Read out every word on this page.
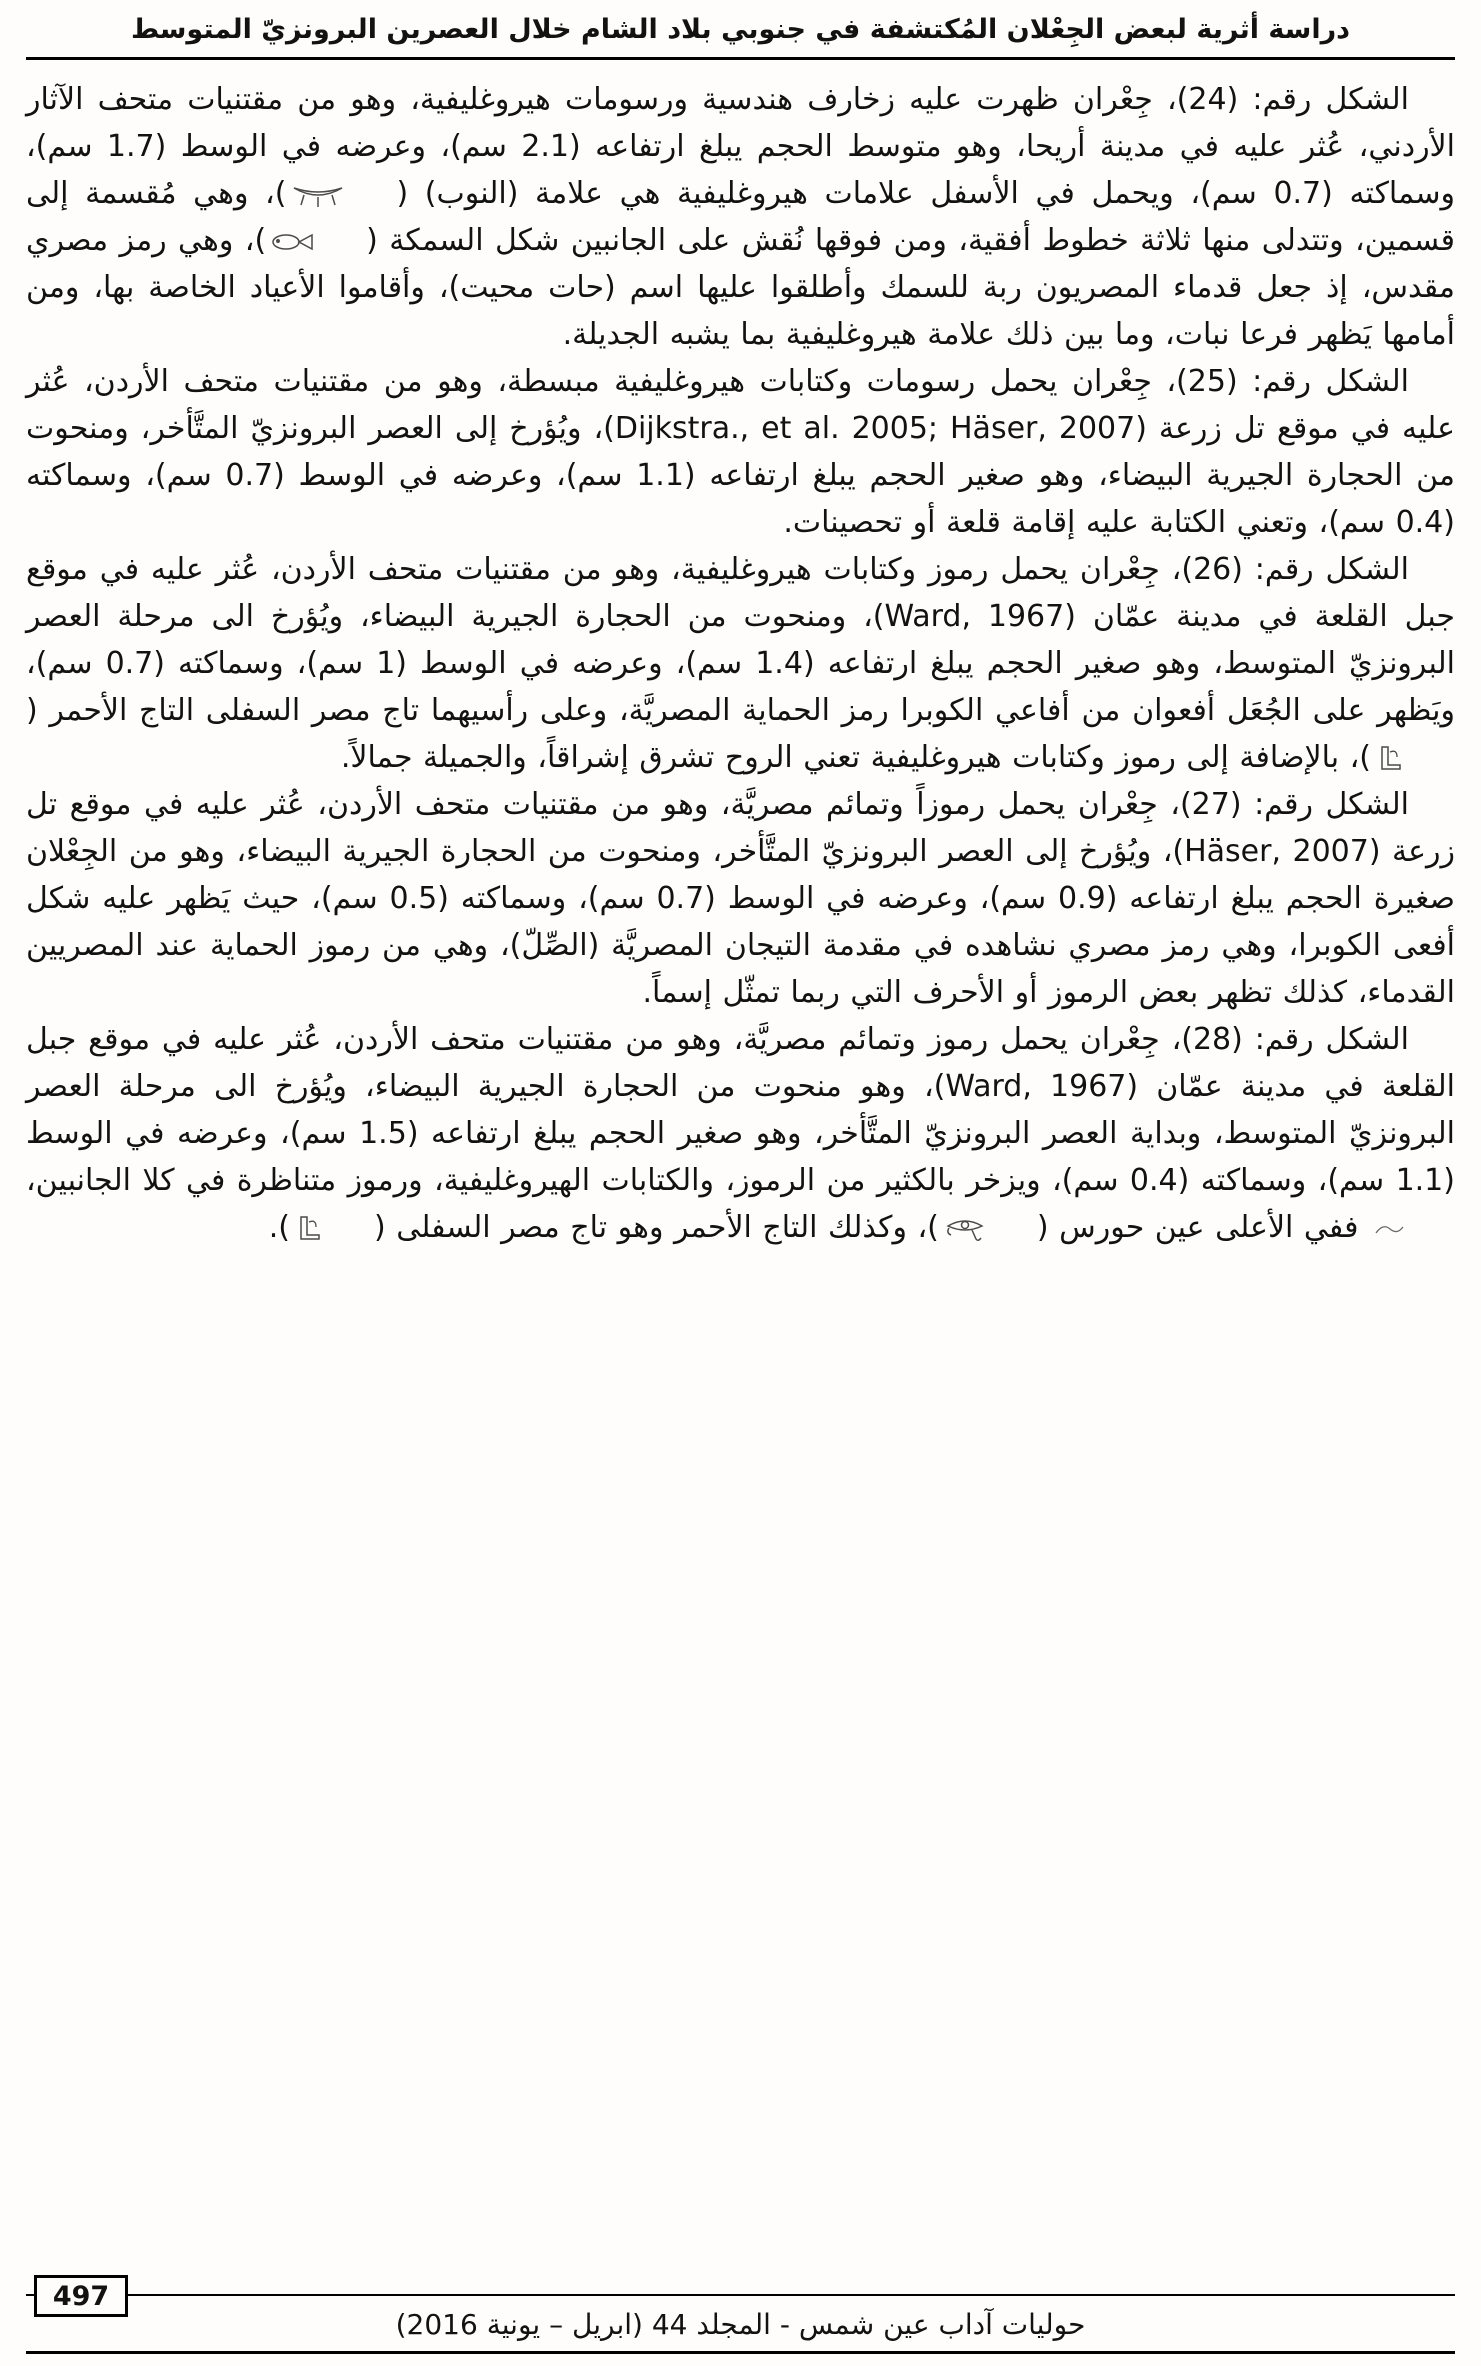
دراسة أثرية لبعض الجِعْلان المُكتشفة في جنوبي بلاد الشام خلال العصرين البرونزيّ المتوسط

الشكل رقم: (24)، جِعْران ظهرت عليه زخارف هندسية ورسومات هيروغليفية، وهو من مقتنيات متحف الآثار الأردني، عُثر عليه في مدينة أريحا، وهو متوسط الحجم يبلغ ارتفاعه (2.1 سم)، وعرضه في الوسط (1.7 سم)، وسماكته (0.7 سم)، ويحمل في الأسفل علامات هيروغليفية هي علامة (النوب) ()، وهي مُقسمة إلى قسمين، وتتدلى منها ثلاثة خطوط أفقية، ومن فوقها نُقش على الجانبين شكل السمكة ()، وهي رمز مصري مقدس، إذ جعل قدماء المصريون ربة للسمك وأطلقوا عليها اسم (حات محيت)، وأقاموا الأعياد الخاصة بها، ومن أمامها يَظهر فرعا نبات، وما بين ذلك علامة هيروغليفية بما يشبه الجديلة.

الشكل رقم: (25)، جِعْران يحمل رسومات وكتابات هيروغليفية مبسطة، وهو من مقتنيات متحف الأردن، عُثر عليه في موقع تل زرعة (Dijkstra., et al. 2005; Häser, 2007)، ويُؤرخ إلى العصر البرونزيّ المتَّأخر، ومنحوت من الحجارة الجيرية البيضاء، وهو صغير الحجم يبلغ ارتفاعه (1.1 سم)، وعرضه في الوسط (0.7 سم)، وسماكته (0.4 سم)، وتعني الكتابة عليه إقامة قلعة أو تحصينات.

الشكل رقم: (26)، جِعْران يحمل رموز وكتابات هيروغليفية، وهو من مقتنيات متحف الأردن، عُثر عليه في موقع جبل القلعة في مدينة عمّان (Ward, 1967)، ومنحوت من الحجارة الجيرية البيضاء، ويُؤرخ الى مرحلة العصر البرونزيّ المتوسط، وهو صغير الحجم يبلغ ارتفاعه (1.4 سم)، وعرضه في الوسط (1 سم)، وسماكته (0.7 سم)، ويَظهر على الجُعَل أفعوان من أفاعي الكوبرا رمز الحماية المصريَّة، وعلى رأسيهما تاج مصر السفلى التاج الأحمر ()، بالإضافة إلى رموز وكتابات هيروغليفية تعني الروح تشرق إشراقاً، والجميلة جمالاً.

الشكل رقم: (27)، جِعْران يحمل رموزاً وتمائم مصريَّة، وهو من مقتنيات متحف الأردن، عُثر عليه في موقع تل زرعة (Häser, 2007)، ويُؤرخ إلى العصر البرونزيّ المتَّأخر، ومنحوت من الحجارة الجيرية البيضاء، وهو من الجِعْلان صغيرة الحجم يبلغ ارتفاعه (0.9 سم)، وعرضه في الوسط (0.7 سم)، وسماكته (0.5 سم)، حيث يَظهر عليه شكل أفعى الكوبرا، وهي رمز مصري نشاهده في مقدمة التيجان المصريَّة (الصِّلّ)، وهي من رموز الحماية عند المصريين القدماء، كذلك تظهر بعض الرموز أو الأحرف التي ربما تمثّل إسماً.

الشكل رقم: (28)، جِعْران يحمل رموز وتمائم مصريَّة، وهو من مقتنيات متحف الأردن، عُثر عليه في موقع جبل القلعة في مدينة عمّان (Ward, 1967)، وهو منحوت من الحجارة الجيرية البيضاء، ويُؤرخ الى مرحلة العصر البرونزيّ المتوسط، وبداية العصر البرونزيّ المتَّأخر، وهو صغير الحجم يبلغ ارتفاعه (1.5 سم)، وعرضه في الوسط (1.1 سم)، وسماكته (0.4 سم)، ويزخر بالكثير من الرموز، والكتابات الهيروغليفية، ورموز متناظرة في كلا الجانبين،  ففي الأعلى عين حورس ()، وكذلك التاج الأحمر وهو تاج مصر السفلى ().

497
حوليات آداب عين شمس - المجلد 44 (ابريل – يونية 2016)
